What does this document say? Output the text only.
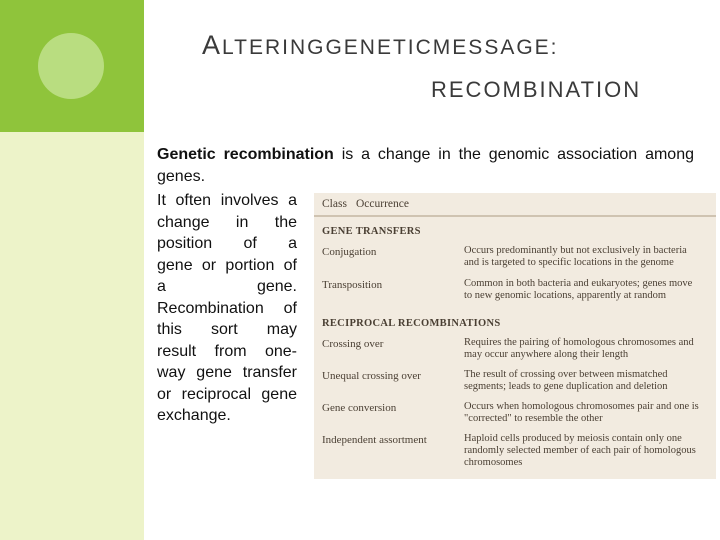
ALTERINGGENETICMESSAGE:
RECOMBINATION
Genetic recombination is a change in the genomic association among genes.
It often involves a
change in the
position of a
gene or portion of
a gene.
Recombination of
this sort may
result from one-
way gene transfer
or reciprocal gene
exchange.
Class Occurrence
GENE TRANSFERS
Conjugation	Occurs predominantly but not exclusively in bacteria
and is targeted to specific locations in the genome
Transposition	Common in both bacteria and eukaryotes; genes move
to new genomic locations, apparently at random
RECIPROCAL RECOMBINATIONS
Crossing over	Requires the pairing of homologous chromosomes and
may occur anywhere along their length
Unequal crossing over	The result of crossing over between mismatched
segments; leads to gene duplication and deletion
Gene conversion	Occurs when homologous chromosomes pair and one is
"corrected" to resemble the other
Independent assortment	Haploid cells produced by meiosis contain only one
randomly selected member of each pair of homologous
chromosomes
